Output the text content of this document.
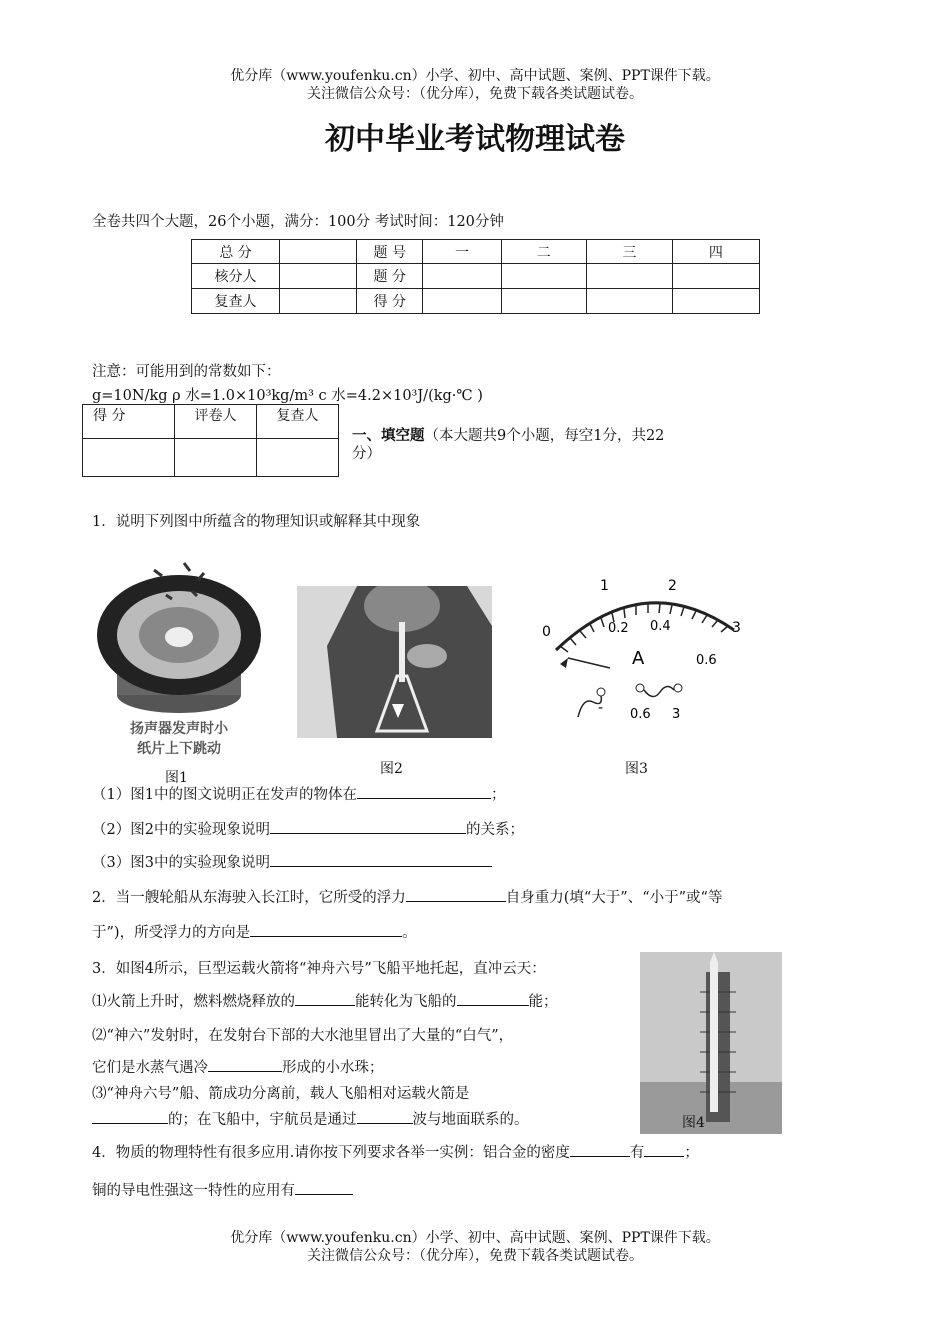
优分库（www.youfenku.cn）小学、初中、高中试题、案例、PPT课件下载。
关注微信公众号：（优分库），免费下载各类试题试卷。
初中毕业考试物理试卷
全卷共四个大题，26个小题，满分：100分 考试时间：120分钟
总 分		题 号	一	二	三	四
核分人		题 分				
复查人		得 分				
注意：可能用到的常数如下：
g=10N/kg ρ 水=1.0×10³kg/m³ c 水=4.2×10³J/(kg·℃ )
得 分	评卷人	复查人

一、填空题（本大题共9个小题，每空1分，共22
分）
1．说明下列图中所蕴含的物理知识或解释其中现象
扬声器发声时小
纸片上下跳动
图1
图2
1	2
0	3
0.2 0.4
A	0.6
- 0.6 3
图3
（1）图1中的图文说明正在发声的物体在	；
（2）图2中的实验现象说明	的关系；
（3）图3中的实验现象说明
2．当一艘轮船从东海驶入长江时，它所受的浮力	自身重力(填“大于”、“小于”或“等
于”)，所受浮力的方向是	。
3．如图4所示，巨型运载火箭将“神舟六号”飞船平地托起，直冲云天：
⑴火箭上升时，燃料燃烧释放的	能转化为飞船的	能；
⑵“神六”发射时，在发射台下部的大水池里冒出了大量的“白气”，
它们是水蒸气遇冷	形成的小水珠；
⑶“神舟六号”船、箭成功分离前，载人飞船相对运载火箭是
的；在飞船中，宇航员是通过	波与地面联系的。	图4
4．物质的物理特性有很多应用.请你按下列要求各举一实例：铝合金的密度	有	；
铜的导电性强这一特性的应用有
优分库（www.youfenku.cn）小学、初中、高中试题、案例、PPT课件下载。
关注微信公众号：（优分库），免费下载各类试题试卷。
